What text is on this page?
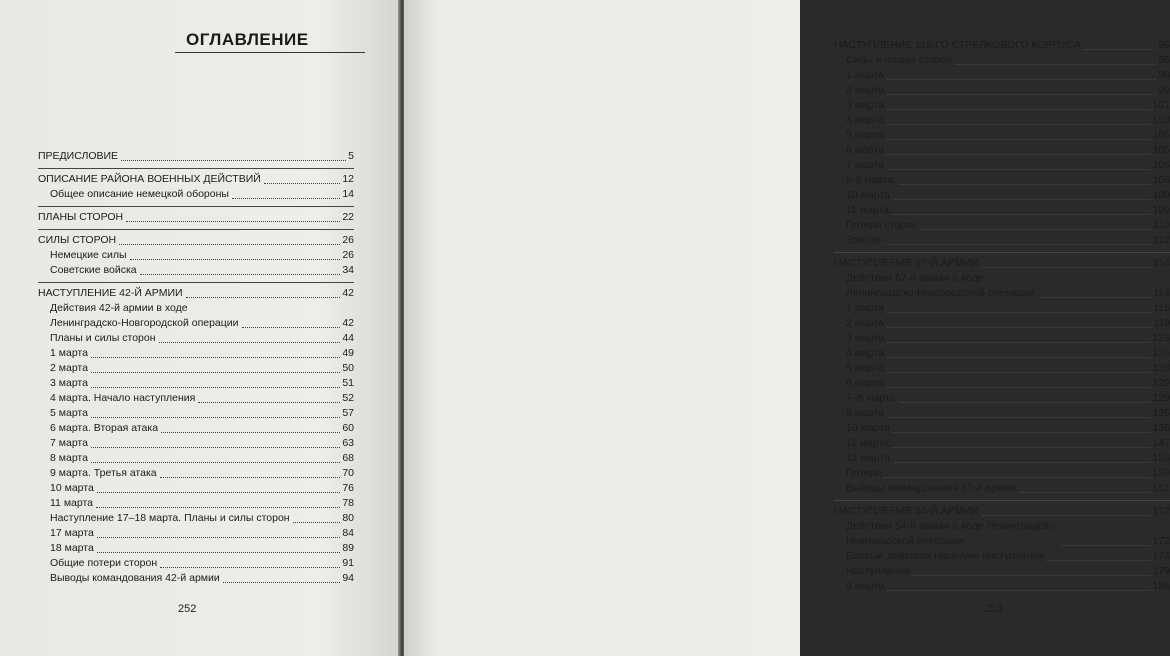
ОГЛАВЛЕНИЕ
ПРЕДИСЛОВИЕ	5
ОПИСАНИЕ РАЙОНА ВОЕННЫХ ДЕЙСТВИЙ	12
Общее описание немецкой обороны	14
ПЛАНЫ СТОРОН	22
СИЛЫ СТОРОН	26
Немецкие силы	26
Советские войска	34
НАСТУПЛЕНИЕ 42-Й АРМИИ	42
Действия 42-й армии в ходе
Ленинградско-Новгородской операции	42
Планы и силы сторон	44
1 марта	49
2 марта	50
3 марта	51
4 марта. Начало наступления	52
5 марта	57
6 марта. Вторая атака	60
7 марта	63
8 марта	68
9 марта. Третья атака	70
10 марта	76
11 марта	78
Наступление 17–18 марта. Планы и силы сторон	80
17 марта	84
18 марта	89
Общие потери сторон	91
Выводы командования 42-й армии	94

252

НАСТУПЛЕНИЕ 118-ГО СТРЕЛКОВОГО КОРПУСА	96
Силы и планы сторон	96
1 марта	98
2 марта	99
3 марта	101
4 марта	103
5 марта	105
6 марта	105
7 марта	106
8-9 марта.	108
10 марта	109
11 марта	109
Потери сторон	110
Эпилог	112
НАСТУПЛЕНИЕ 67-Й АРМИИ	114
Действия 67-й армии в ходе
Ленинградско-Новгородской операции	114
1 марта	115
2 марта	119
3 марта	123
4 марта	126
5 марта	128
6 марта	129
7–8 марта	129
9 марта	135
10 марта	138
11 марта	147
12 марта	153
Потери	159
Выводы командования 67-й армии	161
НАСТУПЛЕНИЕ 54-Й АРМИИ	172
Действия 54-й армии в ходе Ленинградско-
Новгородской операции	172
Боевые действия накануне наступления	174
Наступление	179
9 марта	184

253
